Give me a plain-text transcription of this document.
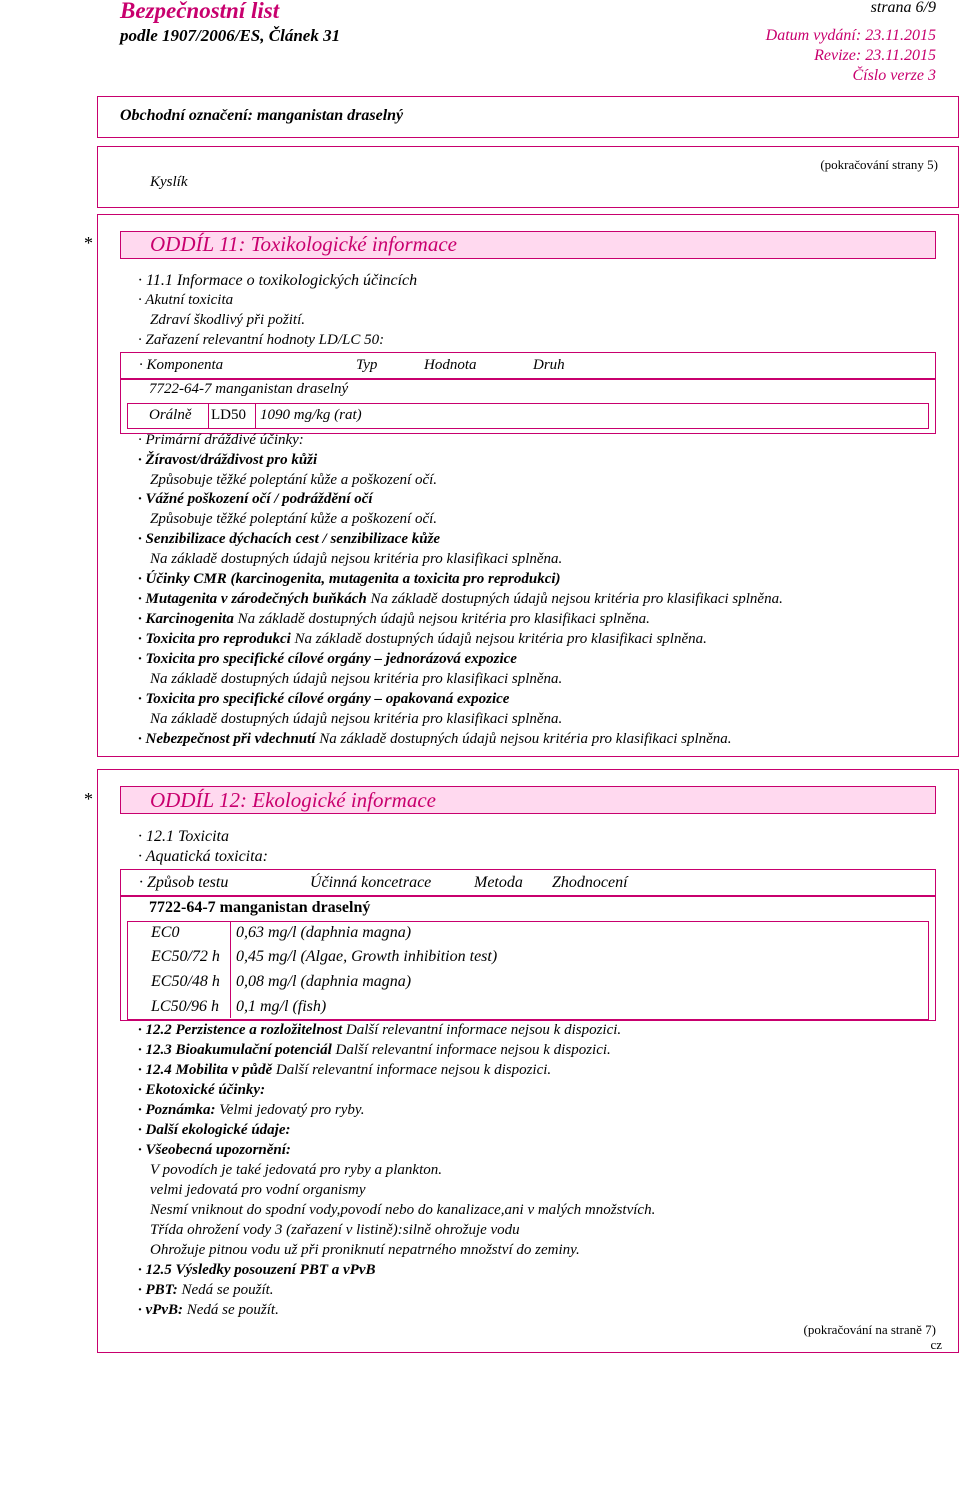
Bezpečnostní list
podle 1907/2006/ES, Článek 31
strana 6/9
Datum vydání: 23.11.2015
Revize: 23.11.2015
Číslo verze 3
Obchodní označení: manganistan draselný
Kyslík
(pokračování strany 5)
*	ODDÍL 11: Toxikologické informace
· 11.1 Informace o toxikologických účincích
· Akutní toxicita
Zdraví škodlivý při požití.
· Zařazení relevantní hodnoty LD/LC 50:
· Komponenta	Typ	Hodnota	Druh
7722-64-7 manganistan draselný
Orálně LD50 1090 mg/kg (rat)
· Primární dráždivé účinky:
· Žíravost/dráždivost pro kůži
Způsobuje těžké poleptání kůže a poškození očí.
· Vážné poškození očí / podráždění očí
Způsobuje těžké poleptání kůže a poškození očí.
· Senzibilizace dýchacích cest / senzibilizace kůže
Na základě dostupných údajů nejsou kritéria pro klasifikaci splněna.
· Účinky CMR (karcinogenita, mutagenita a toxicita pro reprodukci)
· Mutagenita v zárodečných buňkách Na základě dostupných údajů nejsou kritéria pro klasifikaci splněna.
· Karcinogenita Na základě dostupných údajů nejsou kritéria pro klasifikaci splněna.
· Toxicita pro reprodukci Na základě dostupných údajů nejsou kritéria pro klasifikaci splněna.
· Toxicita pro specifické cílové orgány – jednorázová expozice
Na základě dostupných údajů nejsou kritéria pro klasifikaci splněna.
· Toxicita pro specifické cílové orgány – opakovaná expozice
Na základě dostupných údajů nejsou kritéria pro klasifikaci splněna.
· Nebezpečnost při vdechnutí Na základě dostupných údajů nejsou kritéria pro klasifikaci splněna.
*	ODDÍL 12: Ekologické informace
· 12.1 Toxicita
· Aquatická toxicita:
· Způsob testu	Účinná koncetrace	Metoda Zhodnocení
7722-64-7 manganistan draselný
EC0	0,63 mg/l (daphnia magna)
EC50/72 h 0,45 mg/l (Algae, Growth inhibition test)
EC50/48 h 0,08 mg/l (daphnia magna)
LC50/96 h 0,1 mg/l (fish)
· 12.2 Perzistence a rozložitelnost Další relevantní informace nejsou k dispozici.
· 12.3 Bioakumulační potenciál Další relevantní informace nejsou k dispozici.
· 12.4 Mobilita v půdě Další relevantní informace nejsou k dispozici.
· Ekotoxické účinky:
· Poznámka: Velmi jedovatý pro ryby.
· Další ekologické údaje:
· Všeobecná upozornění:
V povodích je také jedovatá pro ryby a plankton.
velmi jedovatá pro vodní organismy
Nesmí vniknout do spodní vody,povodí nebo do kanalizace,ani v malých množstvích.
Třída ohrožení vody 3 (zařazení v listině):silně ohrožuje vodu
Ohrožuje pitnou vodu už při proniknutí nepatrného množství do zeminy.
· 12.5 Výsledky posouzení PBT a vPvB
· PBT: Nedá se použít.
· vPvB: Nedá se použít.
(pokračování na straně 7)
cz
